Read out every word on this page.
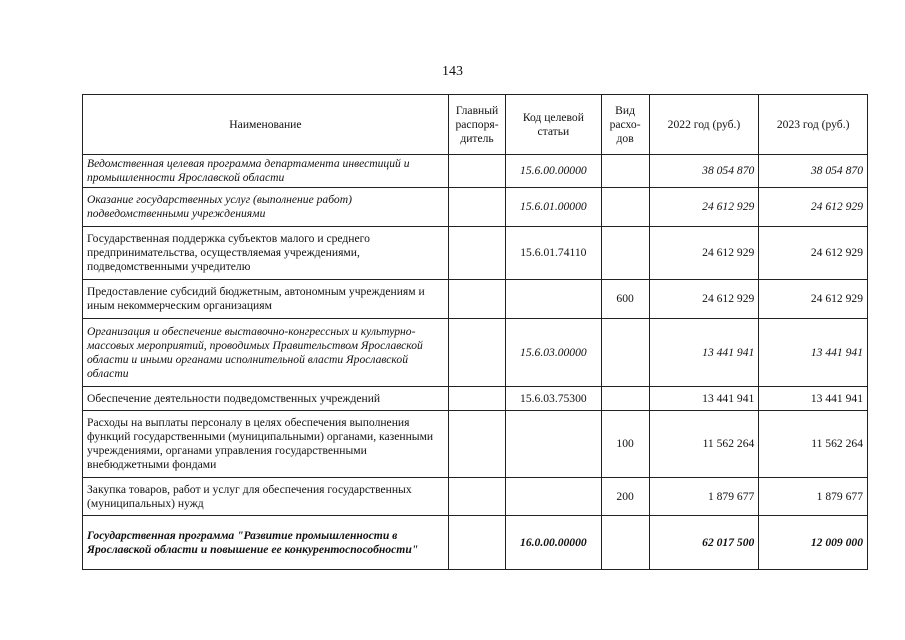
143
Наименование	Главный распоря-дитель	Код целевой статьи	Вид расхо-дов	2022 год (руб.)	2023 год (руб.)
Ведомственная целевая программа департамента инвестиций и промышленности Ярославской области		15.6.00.00000		38 054 870	38 054 870
Оказание государственных услуг (выполнение работ) подведомственными учреждениями		15.6.01.00000		24 612 929	24 612 929
Государственная поддержка субъектов малого и среднего предпринимательства, осуществляемая учреждениями, подведомственными учредителю		15.6.01.74110		24 612 929	24 612 929
Предоставление субсидий бюджетным, автономным учреждениям и иным некоммерческим организациям			600	24 612 929	24 612 929
Организация и обеспечение выставочно-конгрессных и культурно-массовых мероприятий, проводимых Правительством Ярославской области и иными органами исполнительной власти Ярославской области		15.6.03.00000		13 441 941	13 441 941
Обеспечение деятельности подведомственных учреждений		15.6.03.75300		13 441 941	13 441 941
Расходы на выплаты персоналу в целях обеспечения выполнения функций государственными (муниципальными) органами, казенными учреждениями, органами управления государственными внебюджетными фондами			100	11 562 264	11 562 264
Закупка товаров, работ и услуг для обеспечения государственных (муниципальных) нужд			200	1 879 677	1 879 677
Государственная программа "Развитие промышленности в Ярославской области и повышение ее конкурентоспособности"		16.0.00.00000		62 017 500	12 009 000
